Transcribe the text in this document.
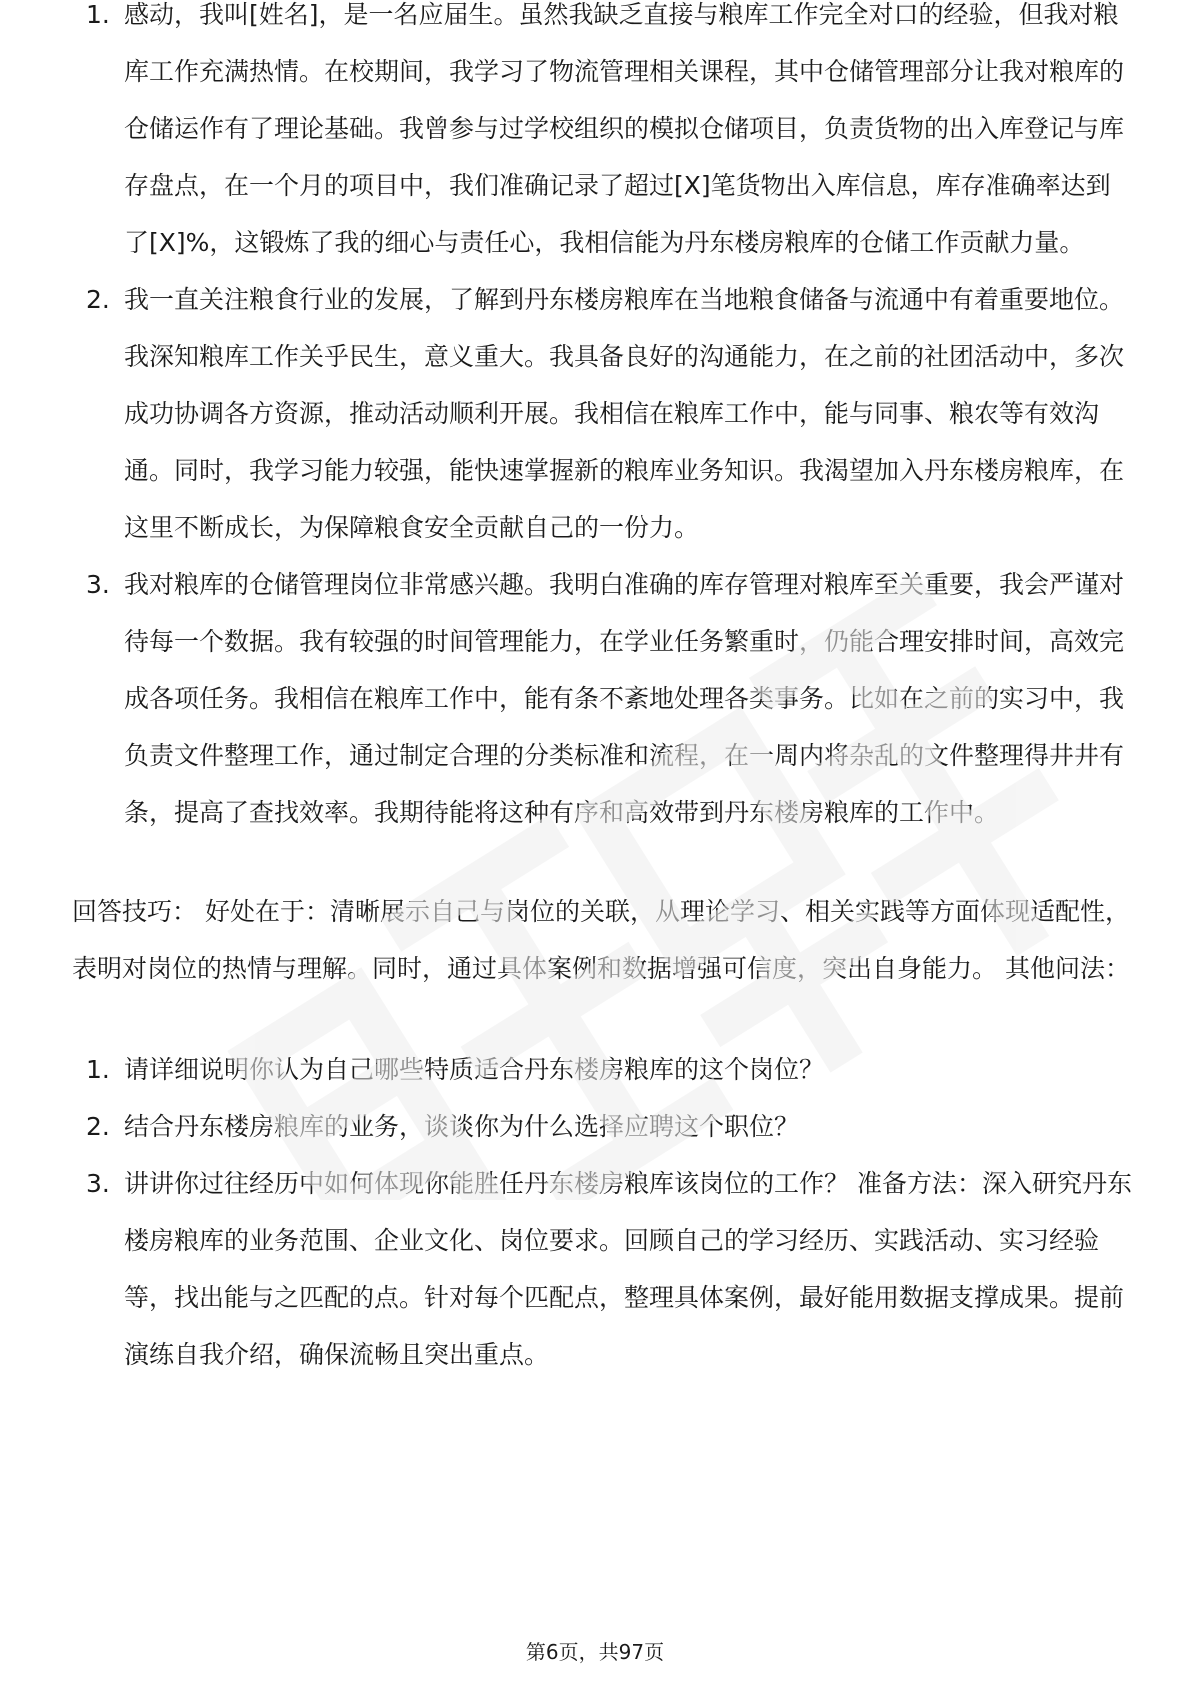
1. 感动，我叫[姓名]，是一名应届生。虽然我缺乏直接与粮库工作完全对口的经验，但我对粮库工作充满热情。在校期间，我学习了物流管理相关课程，其中仓储管理部分让我对粮库的仓储运作有了理论基础。我曾参与过学校组织的模拟仓储项目，负责货物的出入库登记与库存盘点，在一个月的项目中，我们准确记录了超过[X]笔货物出入库信息，库存准确率达到了[X]%，这锻炼了我的细心与责任心，我相信能为丹东楼房粮库的仓储工作贡献力量。
2. 我一直关注粮食行业的发展，了解到丹东楼房粮库在当地粮食储备与流通中有着重要地位。我深知粮库工作关乎民生，意义重大。我具备良好的沟通能力，在之前的社团活动中，多次成功协调各方资源，推动活动顺利开展。我相信在粮库工作中，能与同事、粮农等有效沟通。同时，我学习能力较强，能快速掌握新的粮库业务知识。我渴望加入丹东楼房粮库，在这里不断成长，为保障粮食安全贡献自己的一份力。
3. 我对粮库的仓储管理岗位非常感兴趣。我明白准确的库存管理对粮库至关重要，我会严谨对待每一个数据。我有较强的时间管理能力，在学业任务繁重时，仍能合理安排时间，高效完成各项任务。我相信在粮库工作中，能有条不紊地处理各类事务。比如在之前的实习中，我负责文件整理工作，通过制定合理的分类标准和流程，在一周内将杂乱的文件整理得井井有条，提高了查找效率。我期待能将这种有序和高效带到丹东楼房粮库的工作中。

回答技巧： 好处在于：清晰展示自己与岗位的关联，从理论学习、相关实践等方面体现适配性，表明对岗位的热情与理解。同时，通过具体案例和数据增强可信度，突出自身能力。 其他问法：

1. 请详细说明你认为自己哪些特质适合丹东楼房粮库的这个岗位？
2. 结合丹东楼房粮库的业务，谈谈你为什么选择应聘这个职位？
3. 讲讲你过往经历中如何体现你能胜任丹东楼房粮库该岗位的工作？ 准备方法：深入研究丹东楼房粮库的业务范围、企业文化、岗位要求。回顾自己的学习经历、实践活动、实习经验等，找出能与之匹配的点。针对每个匹配点，整理具体案例，最好能用数据支撑成果。提前演练自我介绍，确保流畅且突出重点。
第6页，共97页
